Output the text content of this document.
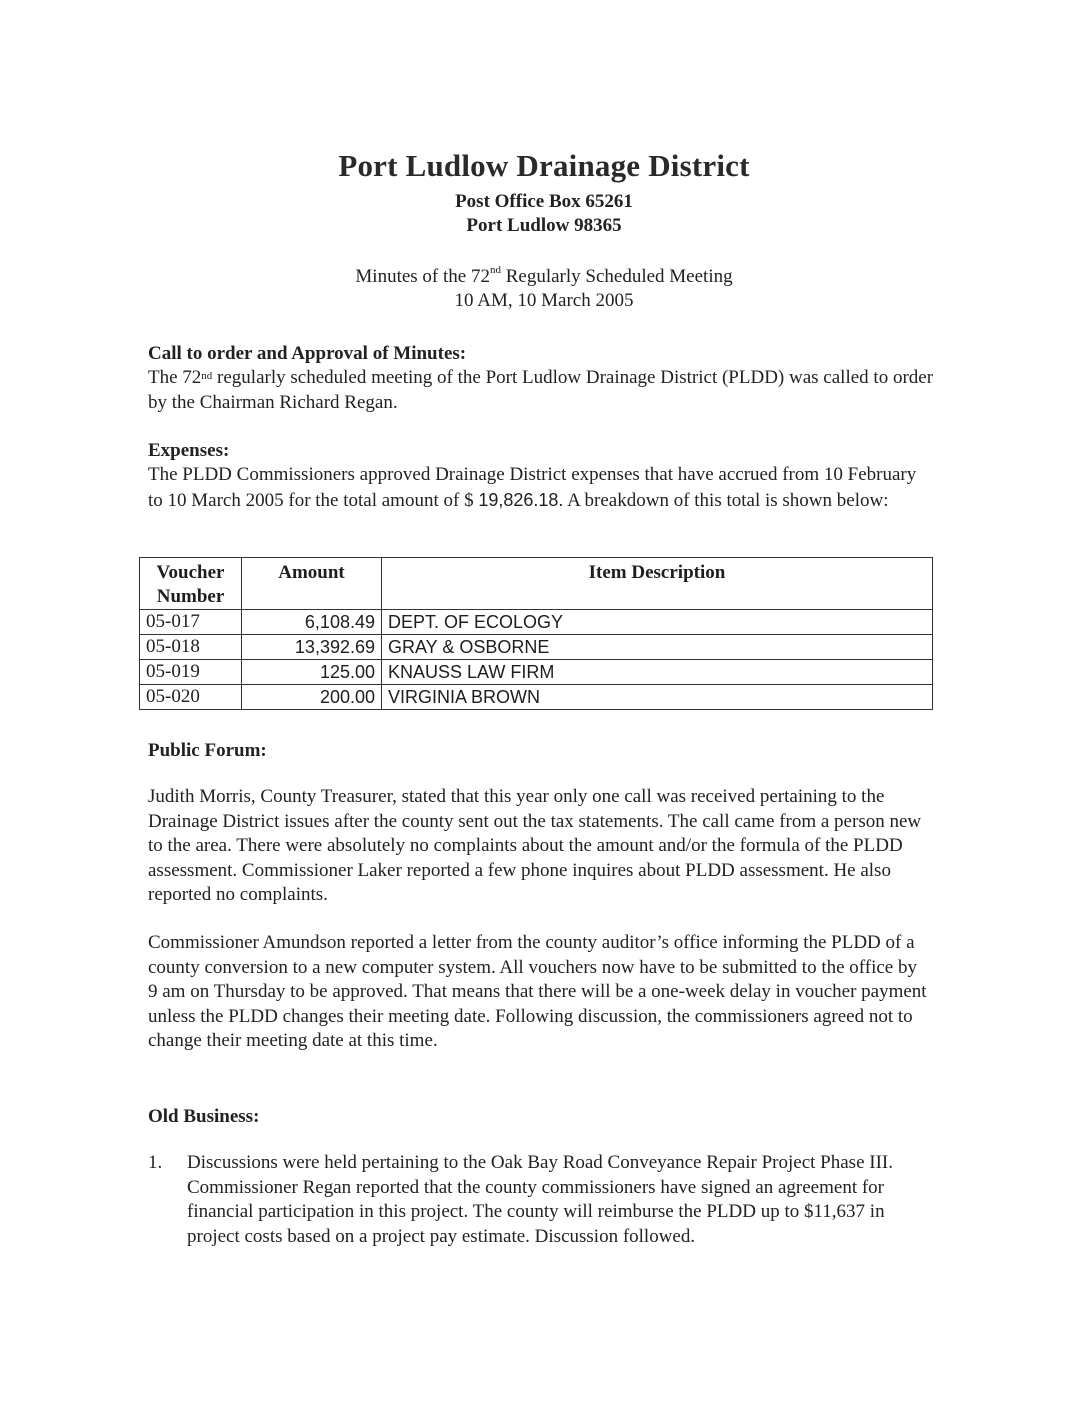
Port Ludlow Drainage District
Post Office Box 65261
Port Ludlow 98365
Minutes of the 72nd Regularly Scheduled Meeting
10 AM, 10 March 2005
Call to order and Approval of Minutes:
The 72nd regularly scheduled meeting of the Port Ludlow Drainage District (PLDD) was called to order by the Chairman Richard Regan.
Expenses:
The PLDD Commissioners approved Drainage District expenses that have accrued from 10 February to 10 March 2005 for the total amount of $ 19,826.18. A breakdown of this total is shown below:
Voucher Number	Amount	Item Description
05-017	6,108.49	DEPT. OF ECOLOGY
05-018	13,392.69	GRAY & OSBORNE
05-019	125.00	KNAUSS LAW FIRM
05-020	200.00	VIRGINIA BROWN
Public Forum:
Judith Morris, County Treasurer, stated that this year only one call was received pertaining to the Drainage District issues after the county sent out the tax statements. The call came from a person new to the area. There were absolutely no complaints about the amount and/or the formula of the PLDD assessment. Commissioner Laker reported a few phone inquires about PLDD assessment. He also reported no complaints.
Commissioner Amundson reported a letter from the county auditor’s office informing the PLDD of a county conversion to a new computer system. All vouchers now have to be submitted to the office by 9 am on Thursday to be approved. That means that there will be a one-week delay in voucher payment unless the PLDD changes their meeting date. Following discussion, the commissioners agreed not to change their meeting date at this time.
Old Business:
1. Discussions were held pertaining to the Oak Bay Road Conveyance Repair Project Phase III. Commissioner Regan reported that the county commissioners have signed an agreement for financial participation in this project. The county will reimburse the PLDD up to $11,637 in project costs based on a project pay estimate. Discussion followed.
